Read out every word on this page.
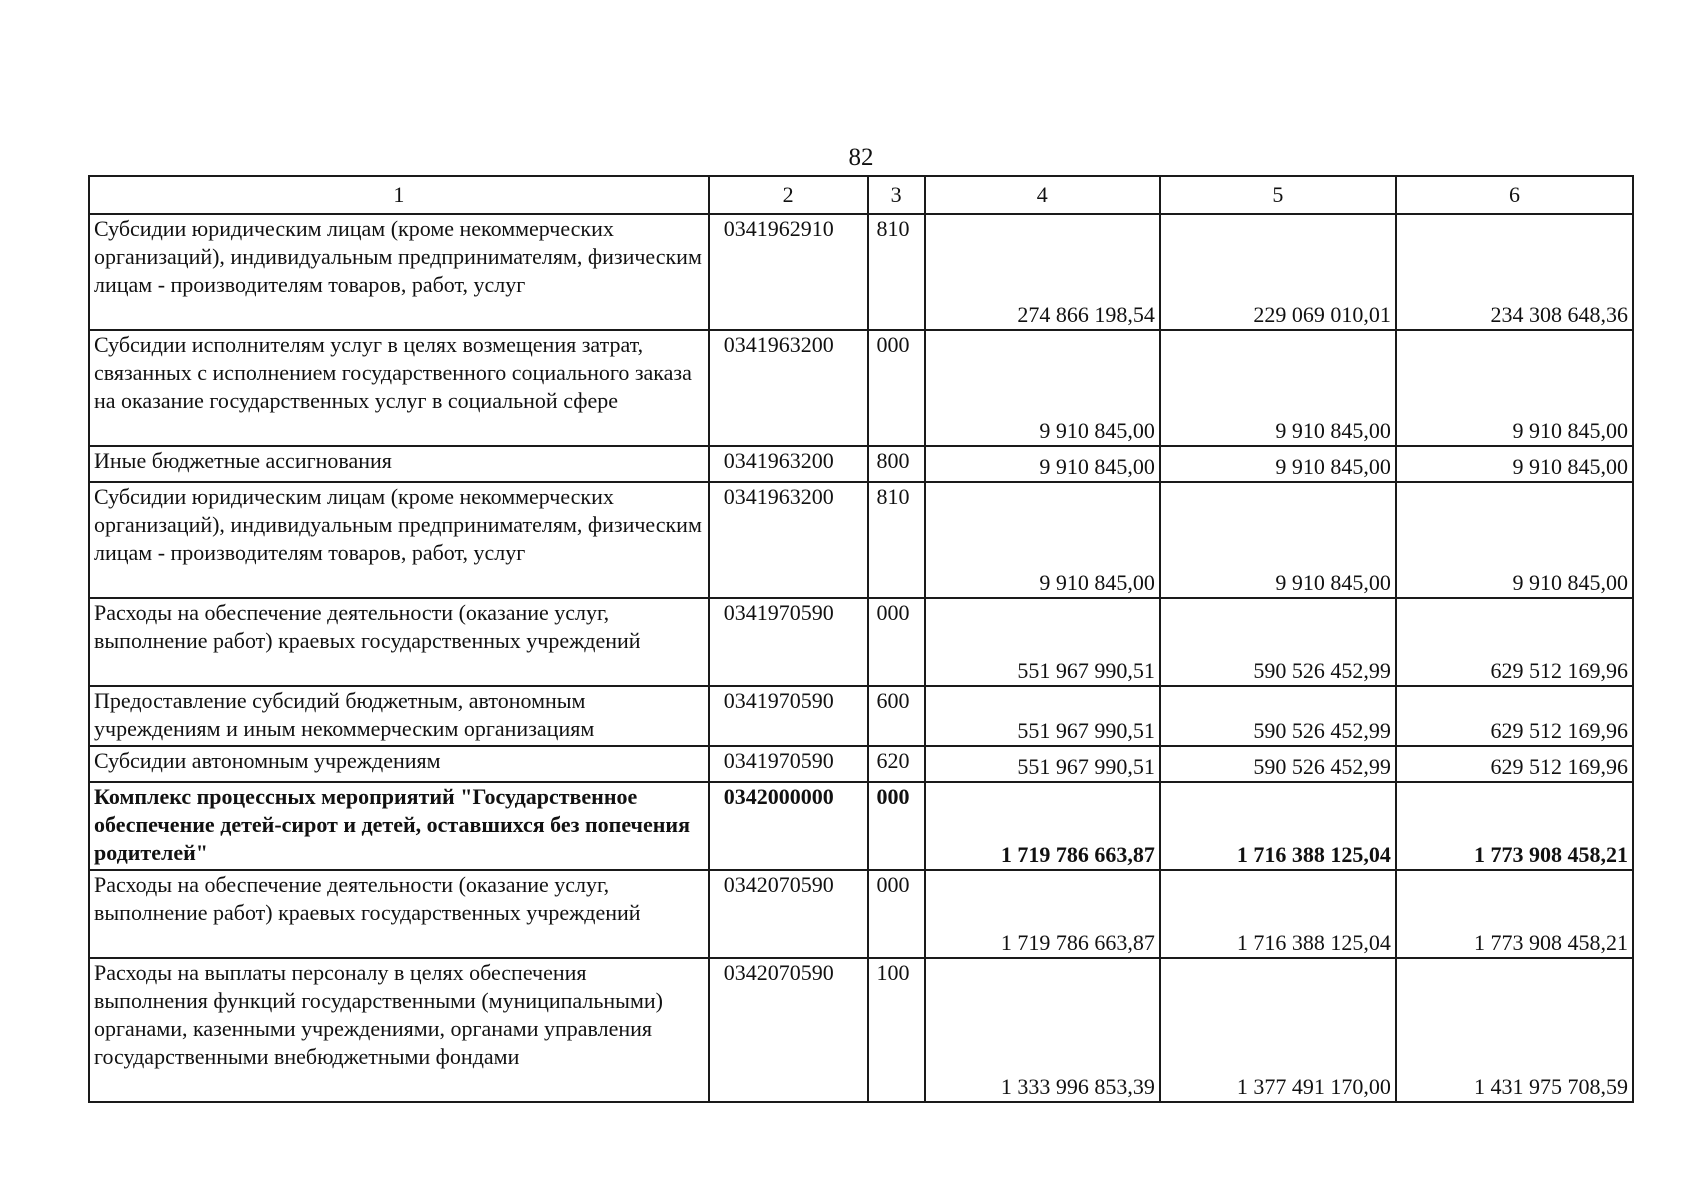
82
1	2	3	4	5	6
Субсидии юридическим лицам (кроме некоммерческих организаций), индивидуальным предпринимателям, физическим лицам - производителям товаров, работ, услуг	0341962910	810	274 866 198,54	229 069 010,01	234 308 648,36
Субсидии исполнителям услуг в целях возмещения затрат, связанных с исполнением государственного социального заказа на оказание государственных услуг в социальной сфере	0341963200	000	9 910 845,00	9 910 845,00	9 910 845,00
Иные бюджетные ассигнования	0341963200	800	9 910 845,00	9 910 845,00	9 910 845,00
Субсидии юридическим лицам (кроме некоммерческих организаций), индивидуальным предпринимателям, физическим лицам - производителям товаров, работ, услуг	0341963200	810	9 910 845,00	9 910 845,00	9 910 845,00
Расходы на обеспечение деятельности (оказание услуг, выполнение работ) краевых государственных учреждений	0341970590	000	551 967 990,51	590 526 452,99	629 512 169,96
Предоставление субсидий бюджетным, автономным учреждениям и иным некоммерческим организациям	0341970590	600	551 967 990,51	590 526 452,99	629 512 169,96
Субсидии автономным учреждениям	0341970590	620	551 967 990,51	590 526 452,99	629 512 169,96
Комплекс процессных мероприятий "Государственное обеспечение детей-сирот и детей, оставшихся без попечения родителей"	0342000000	000	1 719 786 663,87	1 716 388 125,04	1 773 908 458,21
Расходы на обеспечение деятельности (оказание услуг, выполнение работ) краевых государственных учреждений	0342070590	000	1 719 786 663,87	1 716 388 125,04	1 773 908 458,21
Расходы на выплаты персоналу в целях обеспечения выполнения функций государственными (муниципальными) органами, казенными учреждениями, органами управления государственными внебюджетными фондами	0342070590	100	1 333 996 853,39	1 377 491 170,00	1 431 975 708,59
